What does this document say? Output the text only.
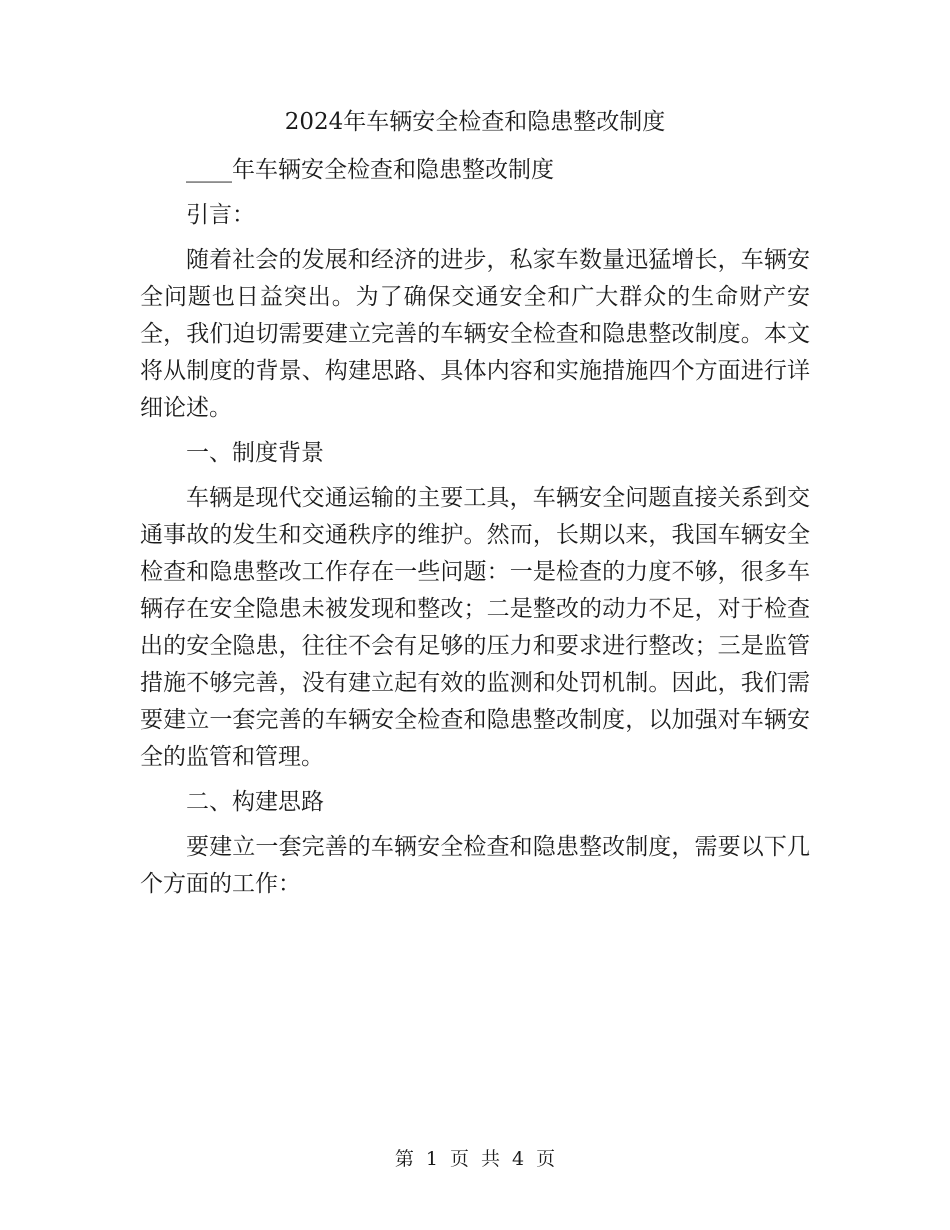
2024年车辆安全检查和隐患整改制度

____年车辆安全检查和隐患整改制度

引言：

随着社会的发展和经济的进步，私家车数量迅猛增长，车辆安全问题也日益突出。为了确保交通安全和广大群众的生命财产安全，我们迫切需要建立完善的车辆安全检查和隐患整改制度。本文将从制度的背景、构建思路、具体内容和实施措施四个方面进行详细论述。

一、制度背景

车辆是现代交通运输的主要工具，车辆安全问题直接关系到交通事故的发生和交通秩序的维护。然而，长期以来，我国车辆安全检查和隐患整改工作存在一些问题：一是检查的力度不够，很多车辆存在安全隐患未被发现和整改；二是整改的动力不足，对于检查出的安全隐患，往往不会有足够的压力和要求进行整改；三是监管措施不够完善，没有建立起有效的监测和处罚机制。因此，我们需要建立一套完善的车辆安全检查和隐患整改制度，以加强对车辆安全的监管和管理。

二、构建思路

要建立一套完善的车辆安全检查和隐患整改制度，需要以下几个方面的工作：

第 1 页 共 4 页
